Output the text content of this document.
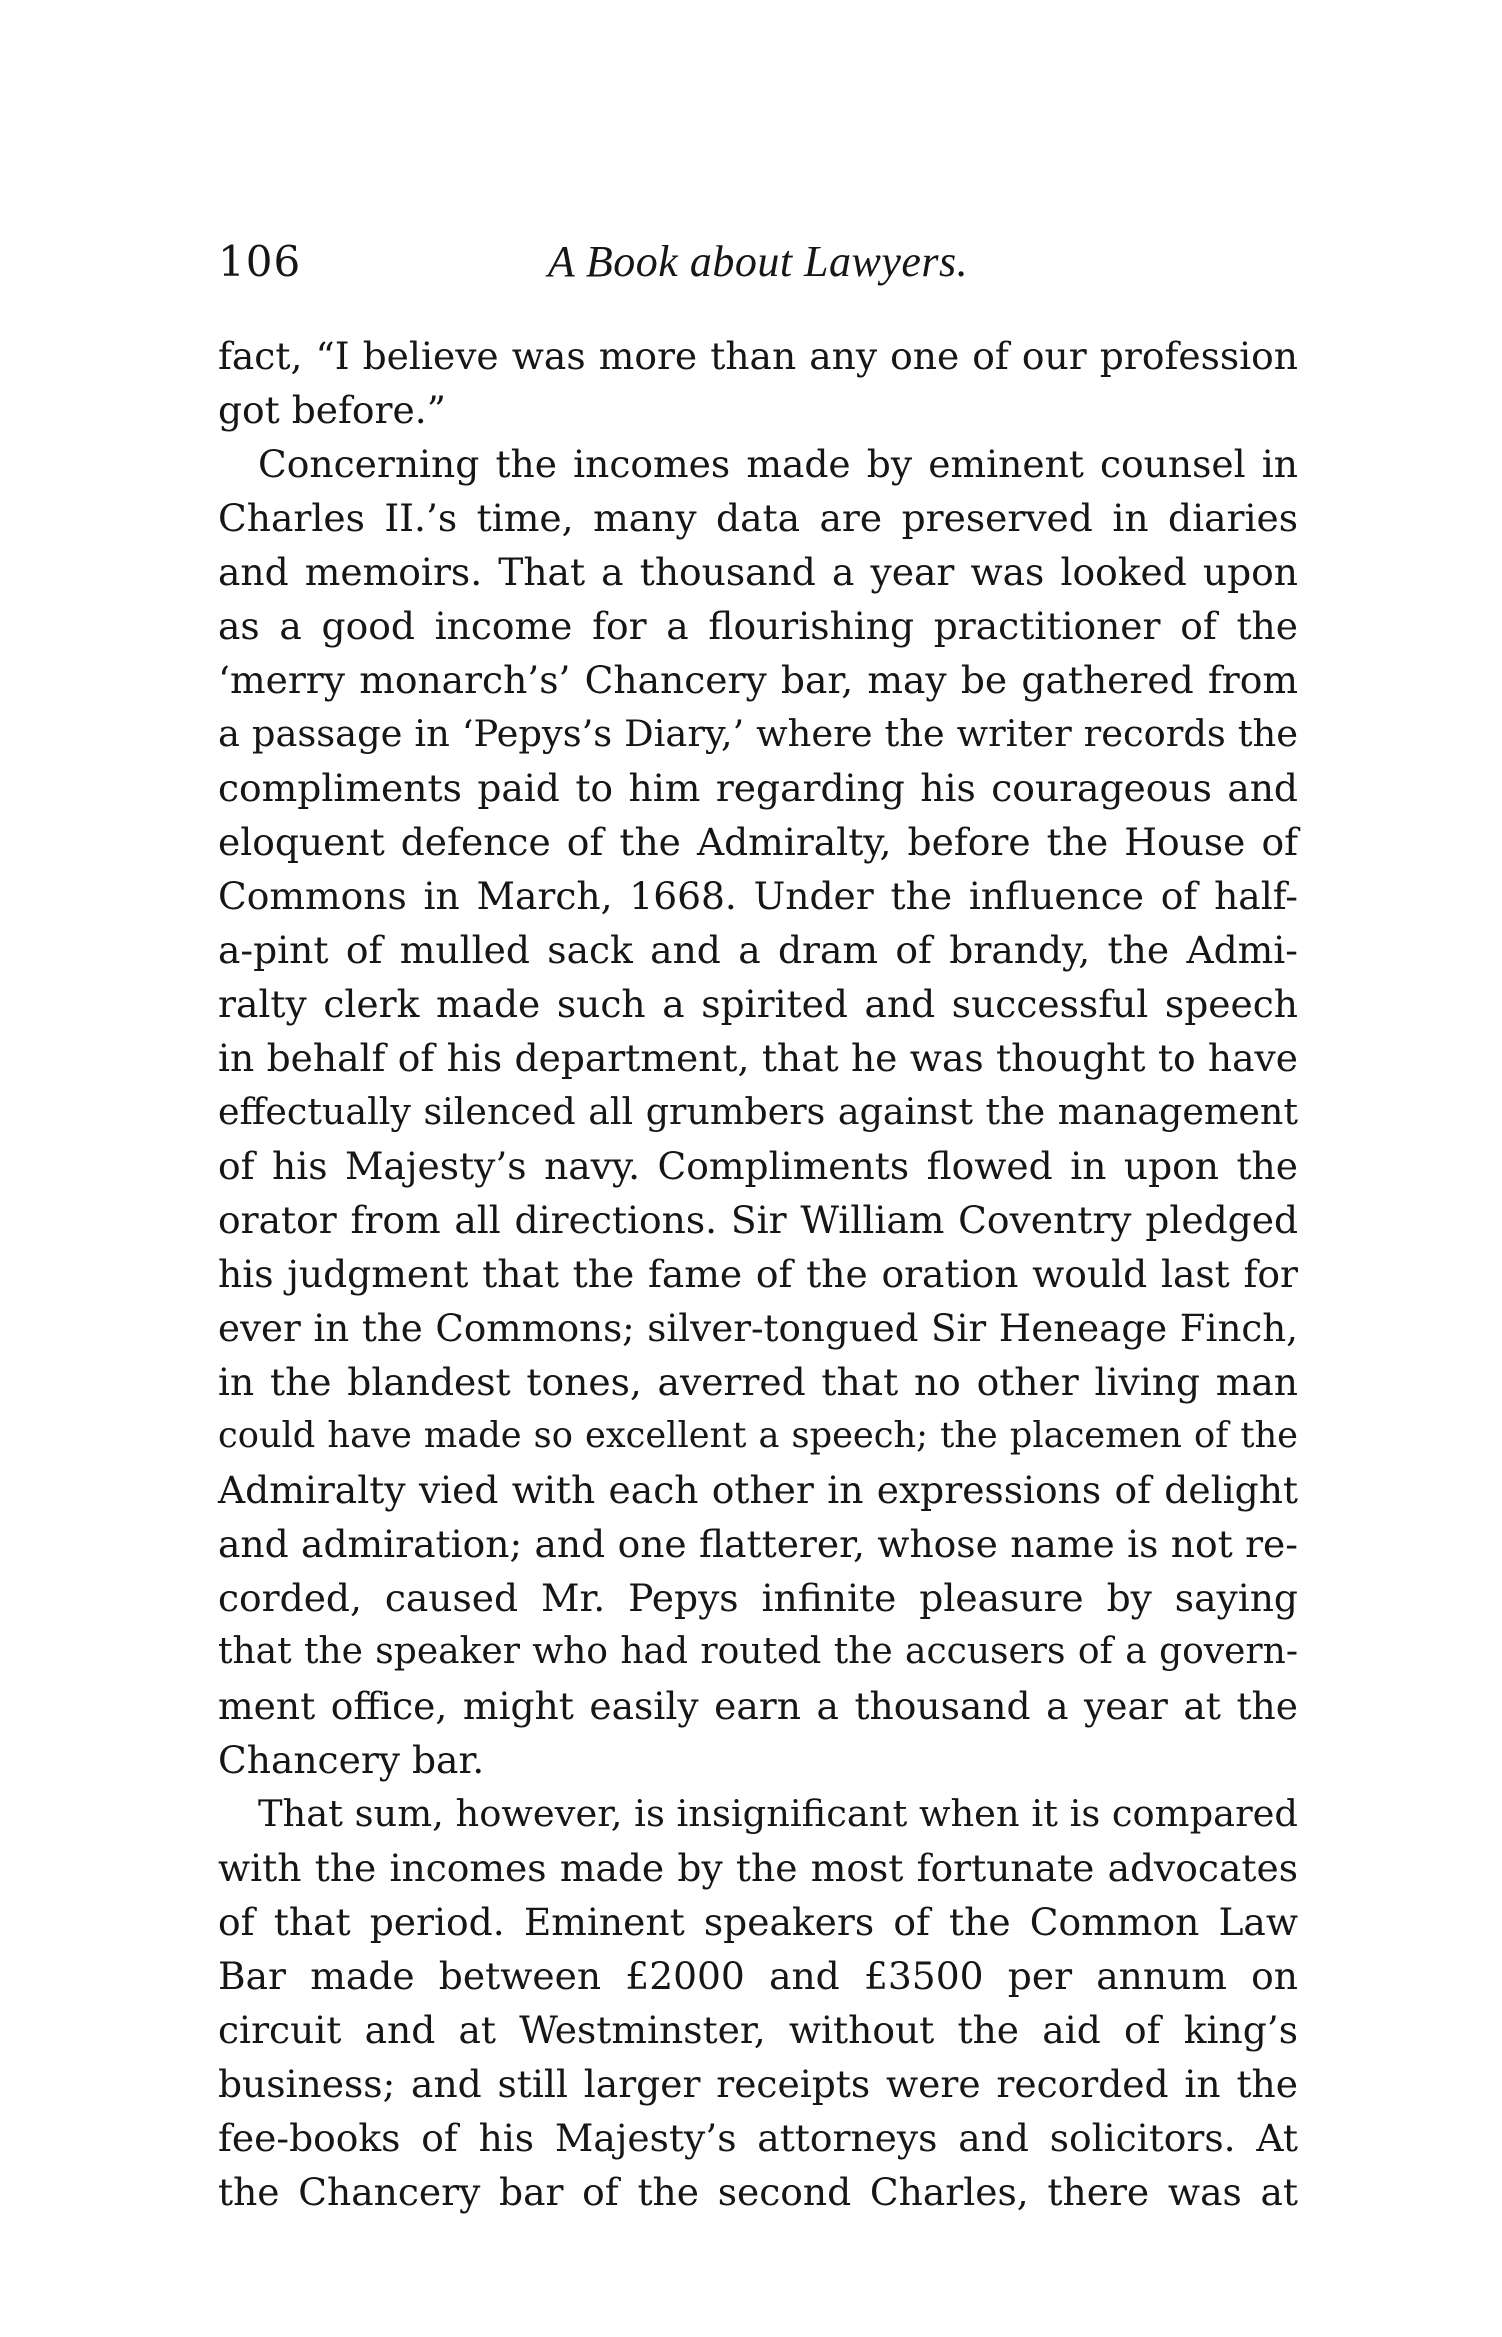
106	A Book about Lawyers.
fact, “I believe was more than any one of our profession
got before.”
Concerning the incomes made by eminent counsel in
Charles II.’s time, many data are preserved in diaries
and memoirs. That a thousand a year was looked upon
as a good income for a flourishing practitioner of the
‘merry monarch’s’ Chancery bar, may be gathered from
a passage in ‘Pepys’s Diary,’ where the writer records the
compliments paid to him regarding his courageous and
eloquent defence of the Admiralty, before the House of
Commons in March, 1668. Under the influence of half-
a-pint of mulled sack and a dram of brandy, the Admi-
ralty clerk made such a spirited and successful speech
in behalf of his department, that he was thought to have
effectually silenced all grumbers against the management
of his Majesty’s navy. Compliments flowed in upon the
orator from all directions. Sir William Coventry pledged
his judgment that the fame of the oration would last for
ever in the Commons; silver-tongued Sir Heneage Finch,
in the blandest tones, averred that no other living man
could have made so excellent a speech; the placemen of the
Admiralty vied with each other in expressions of delight
and admiration; and one flatterer, whose name is not re-
corded, caused Mr. Pepys infinite pleasure by saying
that the speaker who had routed the accusers of a govern-
ment office, might easily earn a thousand a year at the
Chancery bar.
That sum, however, is insignificant when it is compared
with the incomes made by the most fortunate advocates
of that period. Eminent speakers of the Common Law
Bar made between £2000 and £3500 per annum on
circuit and at Westminster, without the aid of king’s
business; and still larger receipts were recorded in the
fee-books of his Majesty’s attorneys and solicitors. At
the Chancery bar of the second Charles, there was at
